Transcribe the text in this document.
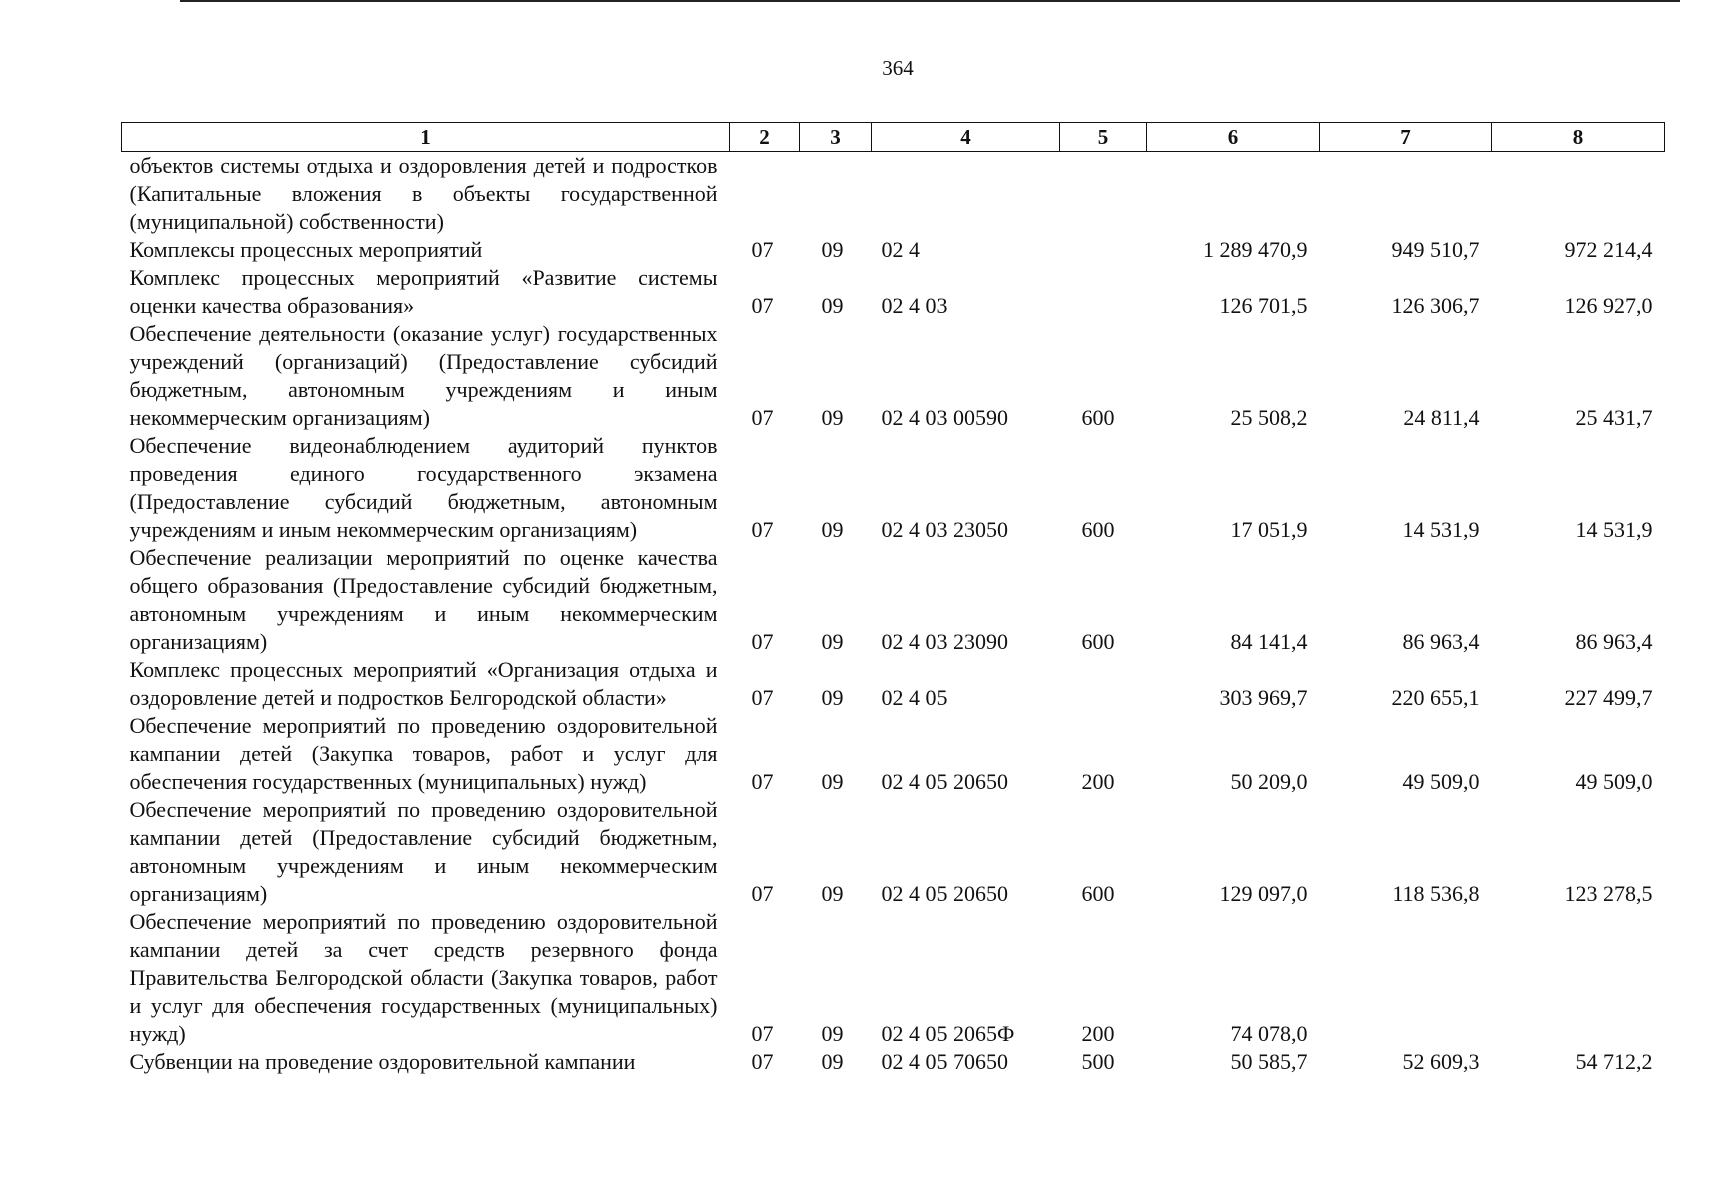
364
1	2	3	4	5	6	7	8
объектов системы отдыха и оздоровления детей и подростков (Капитальные вложения в объекты государственной (муниципальной) собственности)							
Комплексы процессных мероприятий	07	09	02 4		1 289 470,9	949 510,7	972 214,4
Комплекс процессных мероприятий «Развитие системы оценки качества образования»	07	09	02 4 03		126 701,5	126 306,7	126 927,0
Обеспечение деятельности (оказание услуг) государственных учреждений (организаций) (Предоставление субсидий бюджетным, автономным учреждениям и иным некоммерческим организациям)	07	09	02 4 03 00590	600	25 508,2	24 811,4	25 431,7
Обеспечение видеонаблюдением аудиторий пунктов проведения единого государственного экзамена (Предоставление субсидий бюджетным, автономным учреждениям и иным некоммерческим организациям)	07	09	02 4 03 23050	600	17 051,9	14 531,9	14 531,9
Обеспечение реализации мероприятий по оценке качества общего образования (Предоставление субсидий бюджетным, автономным учреждениям и иным некоммерческим организациям)	07	09	02 4 03 23090	600	84 141,4	86 963,4	86 963,4
Комплекс процессных мероприятий «Организация отдыха и оздоровление детей и подростков Белгородской области»	07	09	02 4 05		303 969,7	220 655,1	227 499,7
Обеспечение мероприятий по проведению оздоровительной кампании детей (Закупка товаров, работ и услуг для обеспечения государственных (муниципальных) нужд)	07	09	02 4 05 20650	200	50 209,0	49 509,0	49 509,0
Обеспечение мероприятий по проведению оздоровительной кампании детей (Предоставление субсидий бюджетным, автономным учреждениям и иным некоммерческим организациям)	07	09	02 4 05 20650	600	129 097,0	118 536,8	123 278,5
Обеспечение мероприятий по проведению оздоровительной кампании детей за счет средств резервного фонда Правительства Белгородской области (Закупка товаров, работ и услуг для обеспечения государственных (муниципальных) нужд)	07	09	02 4 05 2065Ф	200	74 078,0		
Субвенции на проведение оздоровительной кампании	07	09	02 4 05 70650	500	50 585,7	52 609,3	54 712,2
